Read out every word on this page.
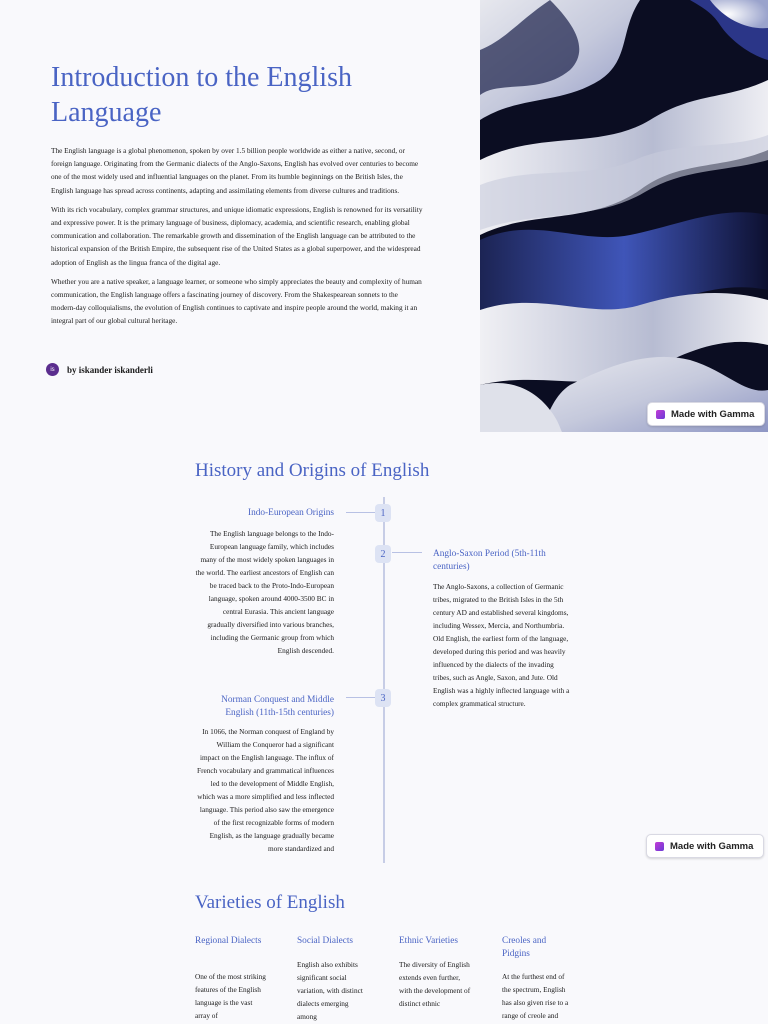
Introduction to the English Language

The English language is a global phenomenon, spoken by over 1.5 billion people worldwide as either a native, second, or foreign language. Originating from the Germanic dialects of the Anglo-Saxons, English has evolved over centuries to become one of the most widely used and influential languages on the planet. From its humble beginnings on the British Isles, the English language has spread across continents, adapting and assimilating elements from diverse cultures and traditions.

With its rich vocabulary, complex grammar structures, and unique idiomatic expressions, English is renowned for its versatility and expressive power. It is the primary language of business, diplomacy, academia, and scientific research, enabling global communication and collaboration. The remarkable growth and dissemination of the English language can be attributed to the historical expansion of the British Empire, the subsequent rise of the United States as a global superpower, and the widespread adoption of English as the lingua franca of the digital age.

Whether you are a native speaker, a language learner, or someone who simply appreciates the beauty and complexity of human communication, the English language offers a fascinating journey of discovery. From the Shakespearean sonnets to the modern-day colloquialisms, the evolution of English continues to captivate and inspire people around the world, making it an integral part of our global cultural heritage.

is	by iskander iskanderli
Made with Gamma
History and Origins of English
1
Indo-European Origins
The English language belongs to the Indo-European language family, which includes many of the most widely spoken languages in the world. The earliest ancestors of English can be traced back to the Proto-Indo-European language, spoken around 4000-3500 BC in central Eurasia. This ancient language gradually diversified into various branches, including the Germanic group from which English descended.
2	Anglo-Saxon Period (5th-11th centuries)
The Anglo-Saxons, a collection of Germanic tribes, migrated to the British Isles in the 5th century AD and established several kingdoms, including Wessex, Mercia, and Northumbria. Old English, the earliest form of the language, developed during this period and was heavily influenced by the dialects of the invading tribes, such as Angle, Saxon, and Jute. Old English was a highly inflected language with a complex grammatical structure.
3
Norman Conquest and Middle English (11th-15th centuries)
In 1066, the Norman conquest of England by William the Conqueror had a significant impact on the English language. The influx of French vocabulary and grammatical influences led to the development of Middle English, which was a more simplified and less inflected language. This period also saw the emergence of the first recognizable forms of modern English, as the language gradually became more standardized and	Made with Gamma
Varieties of English
Regional Dialects
One of the most striking features of the English language is the vast array of
Social Dialects
English also exhibits significant social variation, with distinct dialects emerging among
Ethnic Varieties
The diversity of English extends even further, with the development of distinct ethnic
Creoles and Pidgins
At the furthest end of the spectrum, English has also given rise to a range of creole and
